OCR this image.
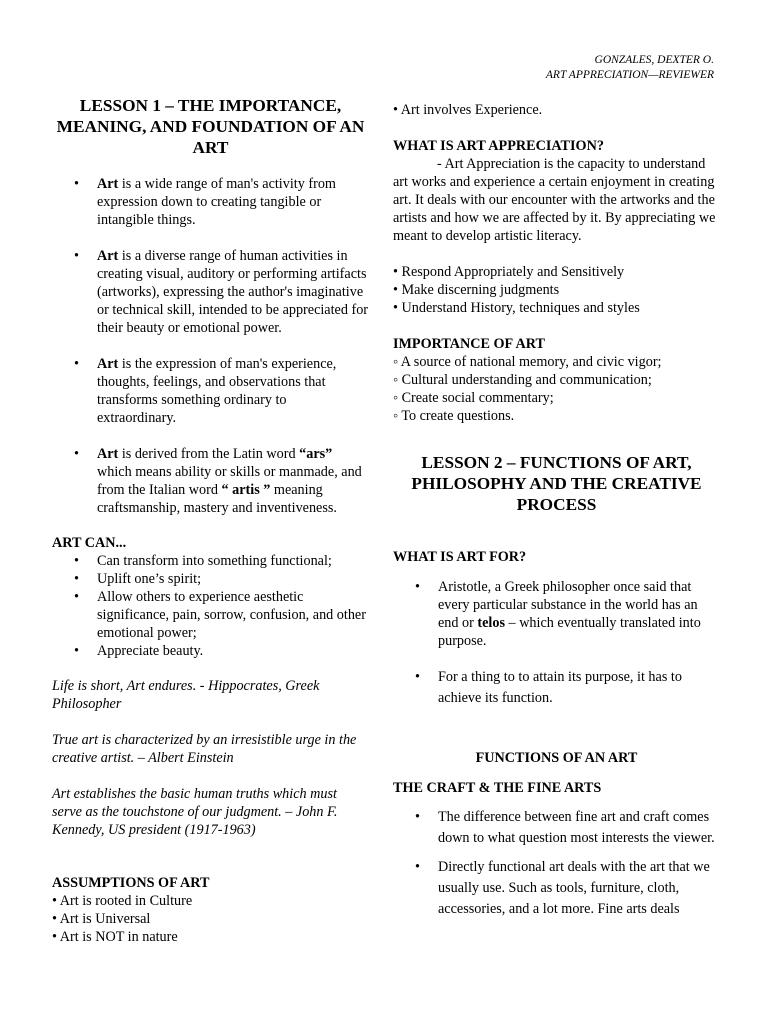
GONZALES, DEXTER O.
ART APPRECIATION—REVIEWER
LESSON 1 – THE IMPORTANCE, MEANING, AND FOUNDATION OF AN ART
• Art is a wide range of man's activity from expression down to creating tangible or intangible things.
• Art is a diverse range of human activities in creating visual, auditory or performing artifacts (artworks), expressing the author's imaginative or technical skill, intended to be appreciated for their beauty or emotional power.
• Art is the expression of man's experience, thoughts, feelings, and observations that transforms something ordinary to extraordinary.
• Art is derived from the Latin word “ars” which means ability or skills or manmade, and from the Italian word “ artis ” meaning craftsmanship, mastery and inventiveness.

ART CAN...

• Can transform into something functional;
• Uplift one’s spirit;
• Allow others to experience aesthetic significance, pain, sorrow, confusion, and other emotional power;
• Appreciate beauty.

Life is short, Art endures. - Hippocrates, Greek Philosopher

True art is characterized by an irresistible urge in the creative artist. – Albert Einstein

Art establishes the basic human truths which must serve as the touchstone of our judgment. – John F. Kennedy, US president (1917-1963)

ASSUMPTIONS OF ART

• Art is rooted in Culture

• Art is Universal

• Art is NOT in nature

• Art involves Experience.

WHAT IS ART APPRECIATION?

- Art Appreciation is the capacity to understand art works and experience a certain enjoyment in creating art. It deals with our encounter with the artworks and the artists and how we are affected by it. By appreciating we meant to develop artistic literacy.

• Respond Appropriately and Sensitively

• Make discerning judgments

• Understand History, techniques and styles

IMPORTANCE OF ART

◦ A source of national memory, and civic vigor;

◦ Cultural understanding and communication;

◦ Create social commentary;

◦ To create questions.

LESSON 2 – FUNCTIONS OF ART, PHILOSOPHY AND THE CREATIVE PROCESS

WHAT IS ART FOR?

• Aristotle, a Greek philosopher once said that every particular substance in the world has an end or telos – which eventually translated into purpose.
• For a thing to to attain its purpose, it has to achieve its function.

FUNCTIONS OF AN ART

THE CRAFT & THE FINE ARTS

• The difference between fine art and craft comes down to what question most interests the viewer.
• Directly functional art deals with the art that we usually use. Such as tools, furniture, cloth, accessories, and a lot more. Fine arts deals
